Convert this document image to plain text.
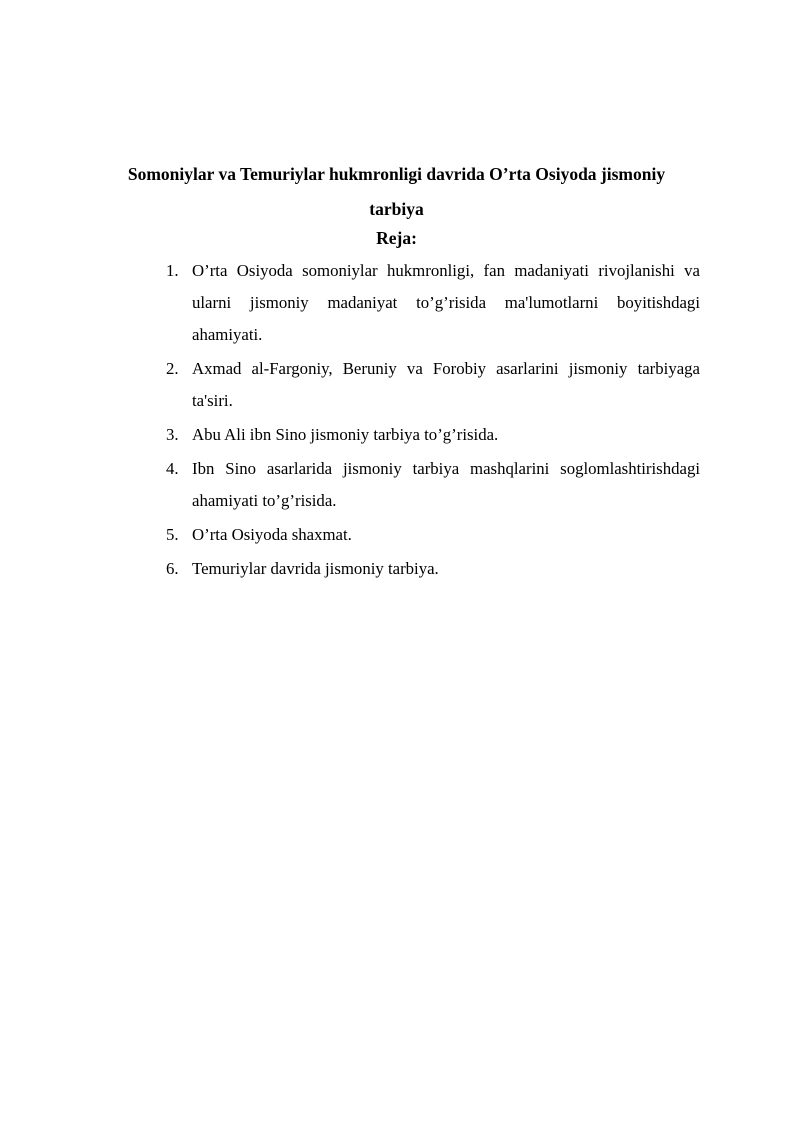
Somoniylar va Temuriylar hukmronligi davrida O’rta Osiyoda jismoniy tarbiya
Reja:
1. O’rta Osiyoda somoniylar hukmronligi, fan madaniyati rivojlanishi va ularni jismoniy madaniyat to’g’risida ma'lumotlarni boyitishdagi ahamiyati.
2. Axmad al-Fargoniy, Beruniy va Forobiy asarlarini jismoniy tarbiyaga ta'siri.
3. Abu Ali ibn Sino jismoniy tarbiya to’g’risida.
4. Ibn Sino asarlarida jismoniy tarbiya mashqlarini soglomlashtirishdagi ahamiyati to’g’risida.
5. O’rta Osiyoda shaxmat.
6. Temuriylar davrida jismoniy tarbiya.
